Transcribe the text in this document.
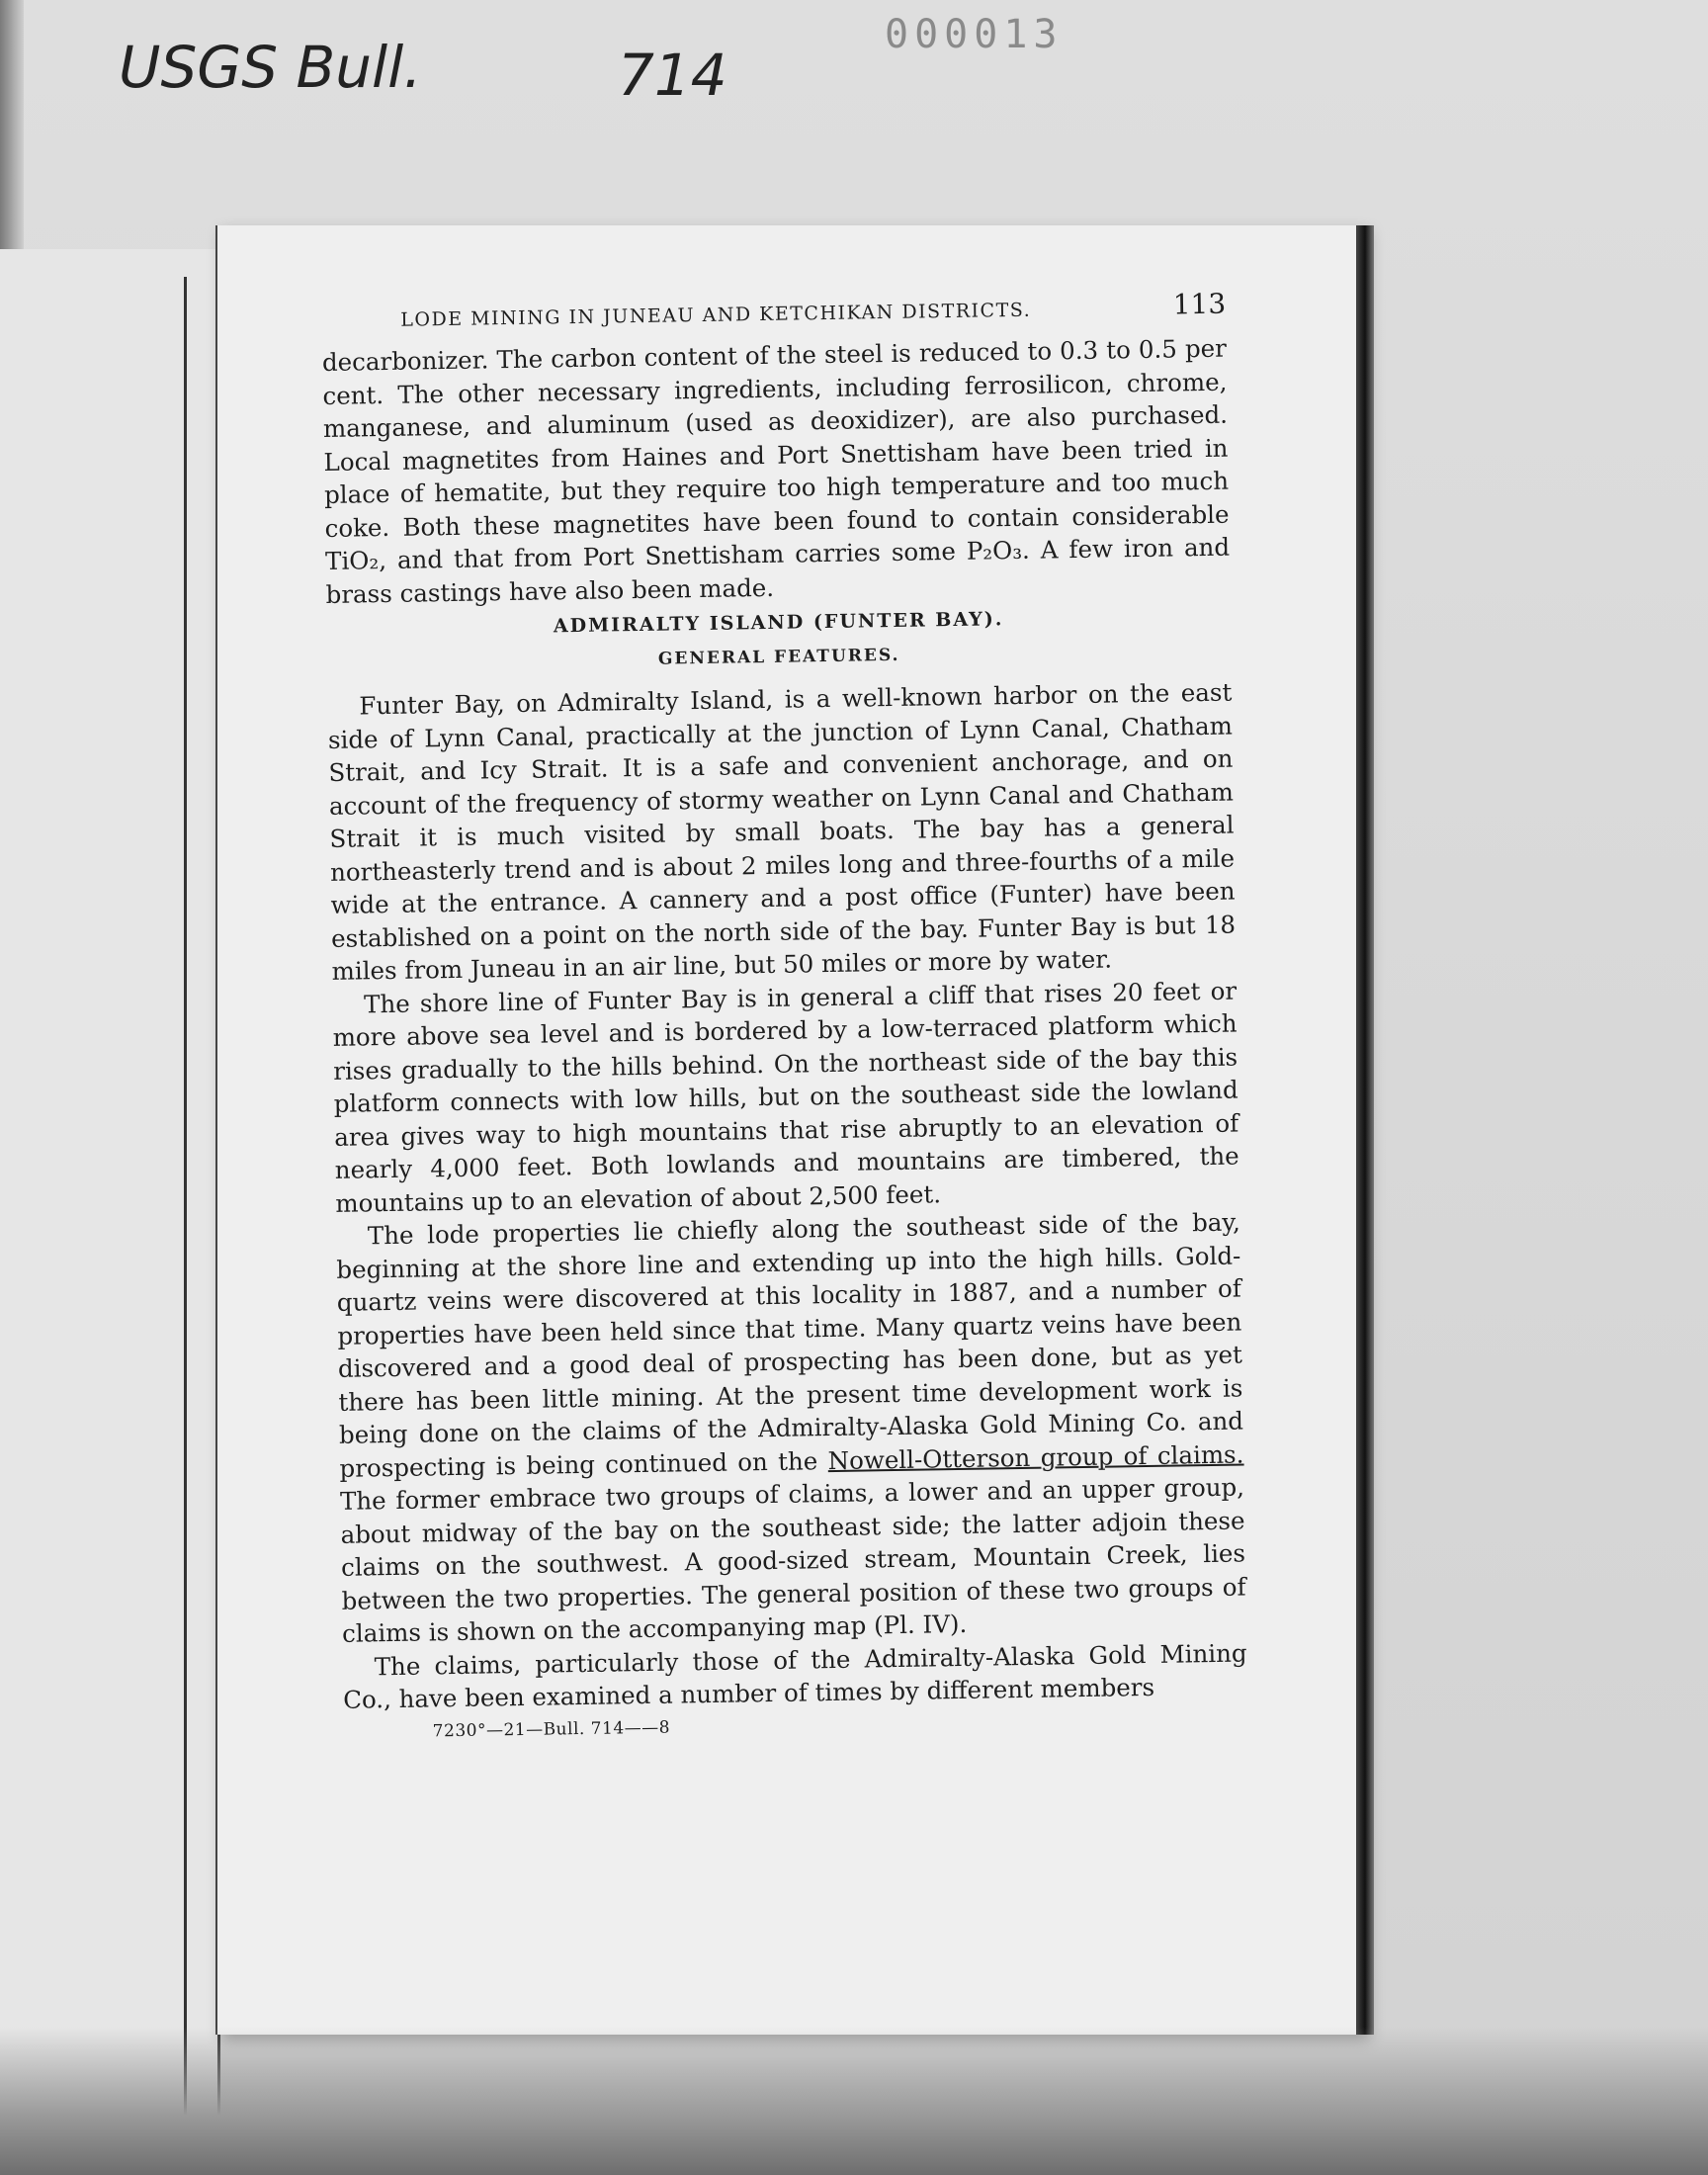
USGS Bull.	714
000013
LODE MINING IN JUNEAU AND KETCHIKAN DISTRICTS.	113

decarbonizer. The carbon content of the steel is reduced to 0.3 to 0.5 per cent. The other necessary ingredients, including ferrosilicon, chrome, manganese, and aluminum (used as deoxidizer), are also purchased. Local magnetites from Haines and Port Snettisham have been tried in place of hematite, but they require too high temperature and too much coke. Both these magnetites have been found to contain considerable TiO₂, and that from Port Snettisham carries some P₂O₃. A few iron and brass castings have also been made.

ADMIRALTY ISLAND (FUNTER BAY).
GENERAL FEATURES.

Funter Bay, on Admiralty Island, is a well-known harbor on the east side of Lynn Canal, practically at the junction of Lynn Canal, Chatham Strait, and Icy Strait. It is a safe and convenient anchorage, and on account of the frequency of stormy weather on Lynn Canal and Chatham Strait it is much visited by small boats. The bay has a general northeasterly trend and is about 2 miles long and three-fourths of a mile wide at the entrance. A cannery and a post office (Funter) have been established on a point on the north side of the bay. Funter Bay is but 18 miles from Juneau in an air line, but 50 miles or more by water.

The shore line of Funter Bay is in general a cliff that rises 20 feet or more above sea level and is bordered by a low-terraced platform which rises gradually to the hills behind. On the northeast side of the bay this platform connects with low hills, but on the southeast side the lowland area gives way to high mountains that rise abruptly to an elevation of nearly 4,000 feet. Both lowlands and mountains are timbered, the mountains up to an elevation of about 2,500 feet.

The lode properties lie chiefly along the southeast side of the bay, beginning at the shore line and extending up into the high hills. Gold-quartz veins were discovered at this locality in 1887, and a number of properties have been held since that time. Many quartz veins have been discovered and a good deal of prospecting has been done, but as yet there has been little mining. At the present time development work is being done on the claims of the Admiralty-Alaska Gold Mining Co. and prospecting is being continued on the Nowell-Otterson group of claims. The former embrace two groups of claims, a lower and an upper group, about midway of the bay on the southeast side; the latter adjoin these claims on the southwest. A good-sized stream, Mountain Creek, lies between the two properties. The general position of these two groups of claims is shown on the accompanying map (Pl. IV).

The claims, particularly those of the Admiralty-Alaska Gold Mining Co., have been examined a number of times by different members

7230°—21—Bull. 714——8
